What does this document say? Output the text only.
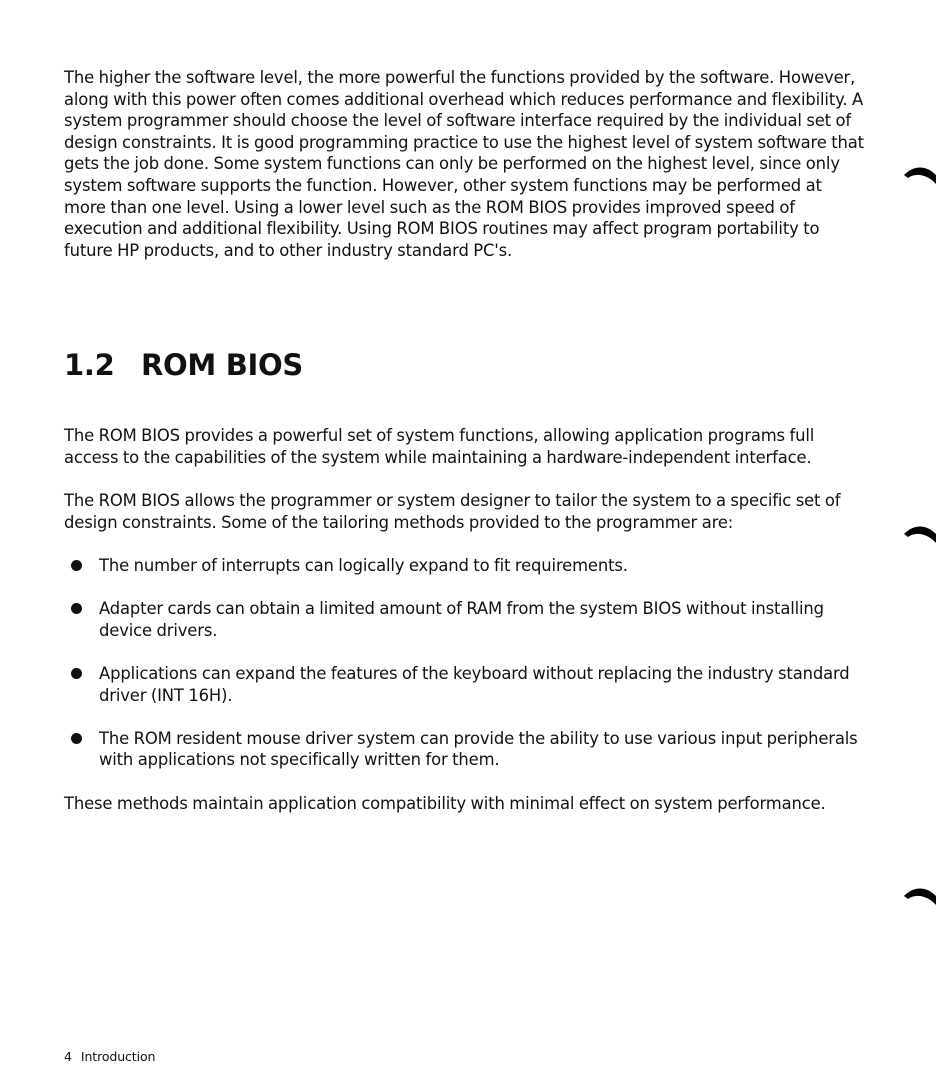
The higher the software level, the more powerful the functions provided by the software. However, along with this power often comes additional overhead which reduces performance and flexibility. A system programmer should choose the level of software interface required by the individual set of design constraints. It is good programming practice to use the highest level of system software that gets the job done. Some system functions can only be performed on the highest level, since only system software supports the function. However, other system functions may be performed at more than one level. Using a lower level such as the ROM BIOS provides improved speed of execution and additional flexibility. Using ROM BIOS routines may affect program portability to future HP products, and to other industry standard PC's.

1.2 ROM BIOS

The ROM BIOS provides a powerful set of system functions, allowing application programs full access to the capabilities of the system while maintaining a hardware-independent interface.

The ROM BIOS allows the programmer or system designer to tailor the system to a specific set of design constraints. Some of the tailoring methods provided to the programmer are:

The number of interrupts can logically expand to fit requirements.
Adapter cards can obtain a limited amount of RAM from the system BIOS without installing device drivers.
Applications can expand the features of the keyboard without replacing the industry standard driver (INT 16H).
The ROM resident mouse driver system can provide the ability to use various input peripherals with applications not specifically written for them.

These methods maintain application compatibility with minimal effect on system performance.

4 Introduction
